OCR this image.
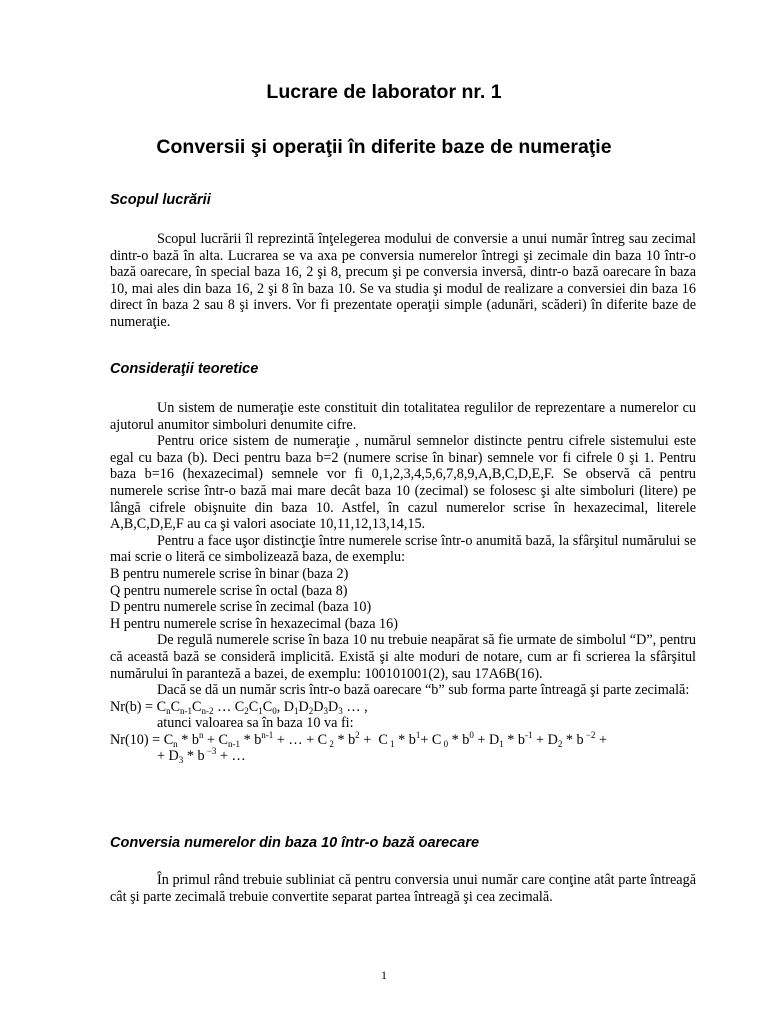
Lucrare de laborator nr. 1
Conversii şi operaţii în diferite baze de numeraţie
Scopul lucrării

Scopul lucrării îl reprezintă înţelegerea modului de conversie a unui număr întreg sau zecimal dintr-o bază în alta. Lucrarea se va axa pe conversia numerelor întregi şi zecimale din baza 10 într-o bază oarecare, în special baza 16, 2 şi 8, precum şi pe conversia inversă, dintr-o bază oarecare în baza 10, mai ales din baza 16, 2 şi 8 în baza 10. Se va studia şi modul de realizare a conversiei din baza 16 direct în baza 2 sau 8 şi invers. Vor fi prezentate operaţii simple (adunări, scăderi) în diferite baze de numeraţie.

Consideraţii teoretice

Un sistem de numeraţie este constituit din totalitatea regulilor de reprezentare a numerelor cu ajutorul anumitor simboluri denumite cifre.

Pentru orice sistem de numeraţie , numărul semnelor distincte pentru cifrele sistemului este egal cu baza (b). Deci pentru baza b=2 (numere scrise în binar) semnele vor fi cifrele 0 şi 1. Pentru baza b=16 (hexazecimal) semnele vor fi 0,1,2,3,4,5,6,7,8,9,A,B,C,D,E,F. Se observă că pentru numerele scrise într-o bază mai mare decât baza 10 (zecimal) se folosesc şi alte simboluri (litere) pe lângă cifrele obişnuite din baza 10. Astfel, în cazul numerelor scrise în hexazecimal, literele A,B,C,D,E,F au ca şi valori asociate 10,11,12,13,14,15.

Pentru a face uşor distincţie între numerele scrise într-o anumită bază, la sfârşitul numărului se mai scrie o literă ce simbolizează baza, de exemplu:

B pentru numerele scrise în binar (baza 2)

Q pentru numerele scrise în octal (baza 8)

D pentru numerele scrise în zecimal (baza 10)

H pentru numerele scrise în hexazecimal (baza 16)

De regulă numerele scrise în baza 10 nu trebuie neapărat să fie urmate de simbolul “D”, pentru că această bază se consideră implicită. Există şi alte moduri de notare, cum ar fi scrierea la sfârşitul numărului în paranteză a bazei, de exemplu: 100101001(2), sau 17A6B(16).

Dacă se dă un număr scris într-o bază oarecare “b” sub forma parte întreagă şi parte zecimală:

$Nr(b) = C_nC_{n-1}C_{n-2}$ … $C_2C_1C_0$, $D_1D_2D_3D_3$ … ,

atunci valoarea sa în baza 10 va fi:

$Nr(10) = C_n * b^n + C_{n-1} * b^{n-1}$ + … + C $_2 * b^2 + C$ $_1 * b^1+ C$ $_0 * b^0 + D_1 * b^{-1} + D_2 * b$ $^{-2}$ +

+ $D_3$ * b $^{-3}$ + …

Conversia numerelor din baza 10 într-o bază oarecare

În primul rând trebuie subliniat că pentru conversia unui număr care conţine atât parte întreagă cât şi parte zecimală trebuie convertite separat partea întreagă şi cea zecimală.

1
